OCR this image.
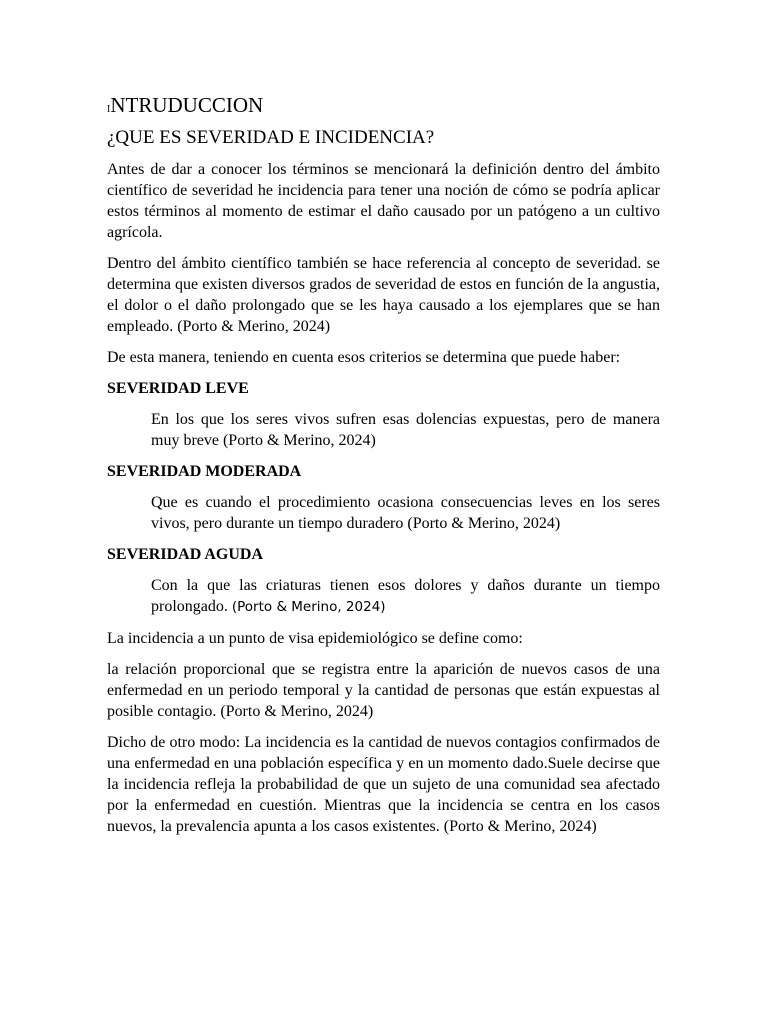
INTRUDUCCION
¿QUE ES SEVERIDAD E INCIDENCIA?

Antes de dar a conocer los términos se mencionará la definición dentro del ámbito científico de severidad he incidencia para tener una noción de cómo se podría aplicar estos términos al momento de estimar el daño causado por un patógeno a un cultivo agrícola.

Dentro del ámbito científico también se hace referencia al concepto de severidad. se determina que existen diversos grados de severidad de estos en función de la angustia, el dolor o el daño prolongado que se les haya causado a los ejemplares que se han empleado. (Porto & Merino, 2024)

De esta manera, teniendo en cuenta esos criterios se determina que puede haber:

SEVERIDAD LEVE

En los que los seres vivos sufren esas dolencias expuestas, pero de manera muy breve (Porto & Merino, 2024)

SEVERIDAD MODERADA

Que es cuando el procedimiento ocasiona consecuencias leves en los seres vivos, pero durante un tiempo duradero (Porto & Merino, 2024)

SEVERIDAD AGUDA

Con la que las criaturas tienen esos dolores y daños durante un tiempo prolongado. (Porto & Merino, 2024)

La incidencia a un punto de visa epidemiológico se define como:

la relación proporcional que se registra entre la aparición de nuevos casos de una enfermedad en un periodo temporal y la cantidad de personas que están expuestas al posible contagio. (Porto & Merino, 2024)

Dicho de otro modo: La incidencia es la cantidad de nuevos contagios confirmados de una enfermedad en una población específica y en un momento dado.Suele decirse que la incidencia refleja la probabilidad de que un sujeto de una comunidad sea afectado por la enfermedad en cuestión. Mientras que la incidencia se centra en los casos nuevos, la prevalencia apunta a los casos existentes. (Porto & Merino, 2024)
